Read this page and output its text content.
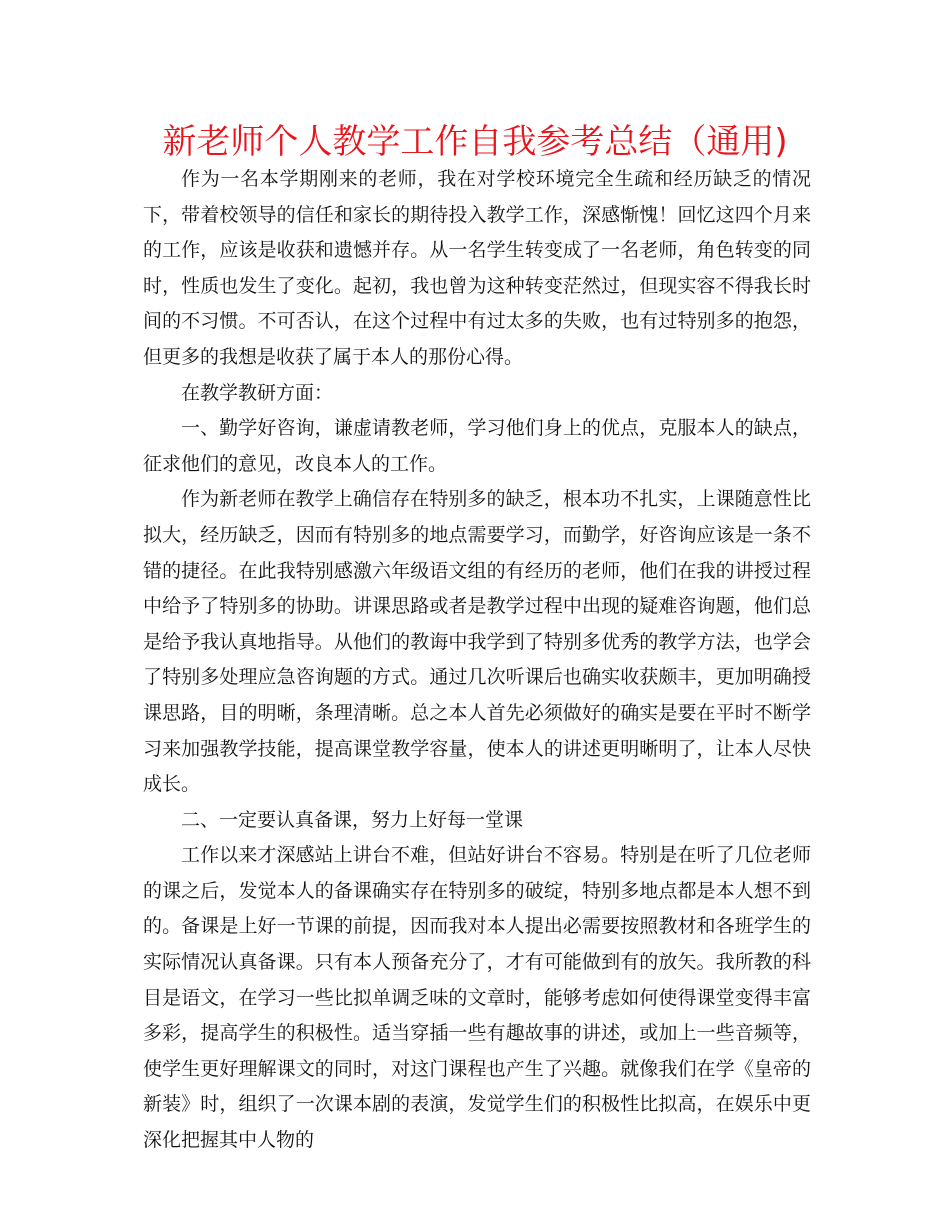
新老师个人教学工作自我参考总结（通用)

作为一名本学期刚来的老师，我在对学校环境完全生疏和经历缺乏的情况下，带着校领导的信任和家长的期待投入教学工作，深感惭愧！回忆这四个月来的工作，应该是收获和遗憾并存。从一名学生转变成了一名老师，角色转变的同时，性质也发生了变化。起初，我也曾为这种转变茫然过，但现实容不得我长时间的不习惯。不可否认，在这个过程中有过太多的失败，也有过特别多的抱怨，但更多的我想是收获了属于本人的那份心得。

在教学教研方面：

一、勤学好咨询，谦虚请教老师，学习他们身上的优点，克服本人的缺点，征求他们的意见，改良本人的工作。

作为新老师在教学上确信存在特别多的缺乏，根本功不扎实，上课随意性比拟大，经历缺乏，因而有特别多的地点需要学习，而勤学，好咨询应该是一条不错的捷径。在此我特别感激六年级语文组的有经历的老师，他们在我的讲授过程中给予了特别多的协助。讲课思路或者是教学过程中出现的疑难咨询题，他们总是给予我认真地指导。从他们的教诲中我学到了特别多优秀的教学方法，也学会了特别多处理应急咨询题的方式。通过几次听课后也确实收获颇丰，更加明确授课思路，目的明晰，条理清晰。总之本人首先必须做好的确实是要在平时不断学习来加强教学技能，提高课堂教学容量，使本人的讲述更明晰明了，让本人尽快成长。

二、一定要认真备课，努力上好每一堂课

工作以来才深感站上讲台不难，但站好讲台不容易。特别是在听了几位老师的课之后，发觉本人的备课确实存在特别多的破绽，特别多地点都是本人想不到的。备课是上好一节课的前提，因而我对本人提出必需要按照教材和各班学生的实际情况认真备课。只有本人预备充分了，才有可能做到有的放矢。我所教的科目是语文，在学习一些比拟单调乏味的文章时，能够考虑如何使得课堂变得丰富多彩，提高学生的积极性。适当穿插一些有趣故事的讲述，或加上一些音频等，使学生更好理解课文的同时，对这门课程也产生了兴趣。就像我们在学《皇帝的新装》时，组织了一次课本剧的表演，发觉学生们的积极性比拟高，在娱乐中更深化把握其中人物的
